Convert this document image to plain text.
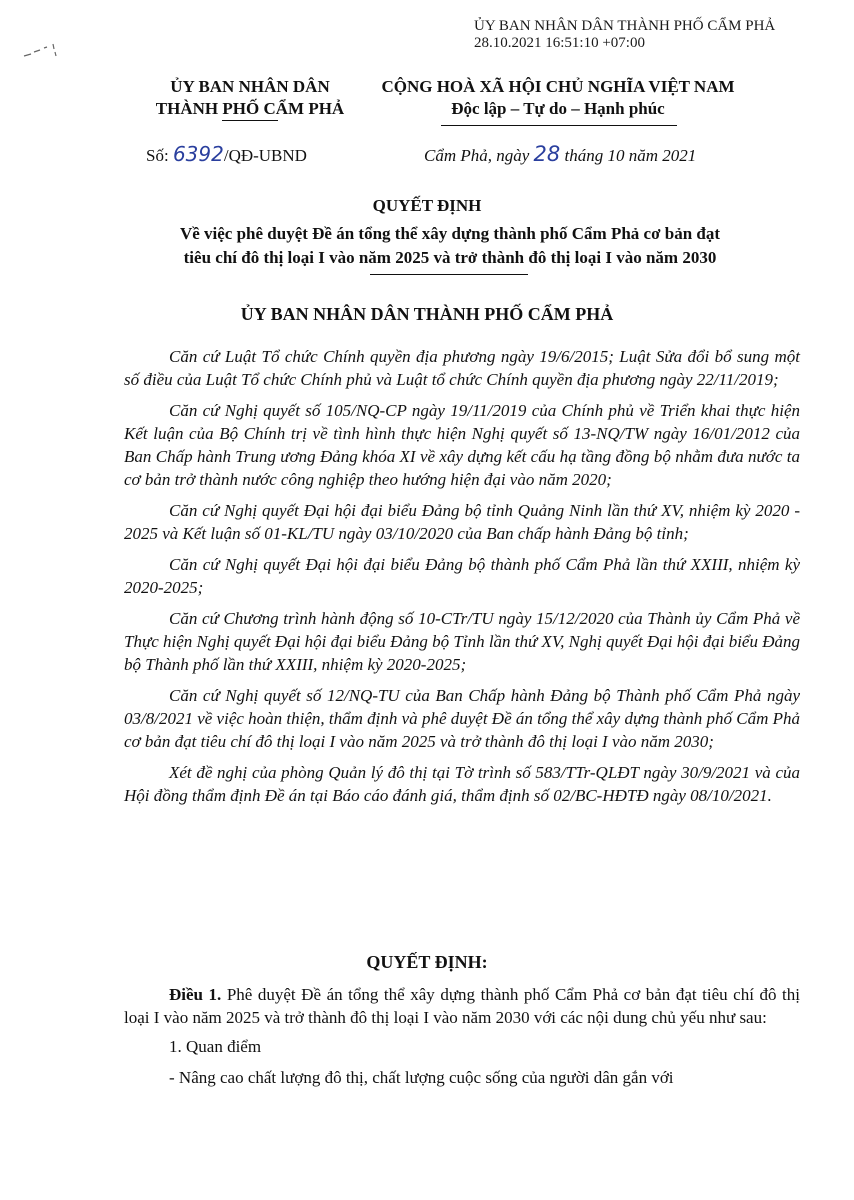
ỦY BAN NHÂN DÂN THÀNH PHỐ CẨM PHẢ
28.10.2021 16:51:10 +07:00
ỦY BAN NHÂN DÂN
THÀNH PHỐ CẨM PHẢ
CỘNG HOÀ XÃ HỘI CHỦ NGHĨA VIỆT NAM
Độc lập – Tự do – Hạnh phúc
Số: 6392/QĐ-UBND	Cẩm Phả, ngày 28 tháng 10 năm 2021
QUYẾT ĐỊNH
Về việc phê duyệt Đề án tổng thể xây dựng thành phố Cẩm Phả cơ bản đạt
tiêu chí đô thị loại I vào năm 2025 và trở thành đô thị loại I vào năm 2030
ỦY BAN NHÂN DÂN THÀNH PHỐ CẨM PHẢ

Căn cứ Luật Tổ chức Chính quyền địa phương ngày 19/6/2015; Luật Sửa đổi bổ sung một số điều của Luật Tổ chức Chính phủ và Luật tổ chức Chính quyền địa phương ngày 22/11/2019;

Căn cứ Nghị quyết số 105/NQ-CP ngày 19/11/2019 của Chính phủ về Triển khai thực hiện Kết luận của Bộ Chính trị về tình hình thực hiện Nghị quyết số 13-NQ/TW ngày 16/01/2012 của Ban Chấp hành Trung ương Đảng khóa XI về xây dựng kết cấu hạ tầng đồng bộ nhằm đưa nước ta cơ bản trở thành nước công nghiệp theo hướng hiện đại vào năm 2020;

Căn cứ Nghị quyết Đại hội đại biểu Đảng bộ tỉnh Quảng Ninh lần thứ XV, nhiệm kỳ 2020 - 2025 và Kết luận số 01-KL/TU ngày 03/10/2020 của Ban chấp hành Đảng bộ tỉnh;

Căn cứ Nghị quyết Đại hội đại biểu Đảng bộ thành phố Cẩm Phả lần thứ XXIII, nhiệm kỳ 2020-2025;

Căn cứ Chương trình hành động số 10-CTr/TU ngày 15/12/2020 của Thành ủy Cẩm Phả về Thực hiện Nghị quyết Đại hội đại biểu Đảng bộ Tỉnh lần thứ XV, Nghị quyết Đại hội đại biểu Đảng bộ Thành phố lần thứ XXIII, nhiệm kỳ 2020-2025;

Căn cứ Nghị quyết số 12/NQ-TU của Ban Chấp hành Đảng bộ Thành phố Cẩm Phả ngày 03/8/2021 về việc hoàn thiện, thẩm định và phê duyệt Đề án tổng thể xây dựng thành phố Cẩm Phả cơ bản đạt tiêu chí đô thị loại I vào năm 2025 và trở thành đô thị loại I vào năm 2030;

Xét đề nghị của phòng Quản lý đô thị tại Tờ trình số 583/TTr-QLĐT ngày 30/9/2021 và của Hội đồng thẩm định Đề án tại Báo cáo đánh giá, thẩm định số 02/BC-HĐTĐ ngày 08/10/2021.

QUYẾT ĐỊNH:

Điều 1. Phê duyệt Đề án tổng thể xây dựng thành phố Cẩm Phả cơ bản đạt tiêu chí đô thị loại I vào năm 2025 và trở thành đô thị loại I vào năm 2030 với các nội dung chủ yếu như sau:

1. Quan điểm

- Nâng cao chất lượng đô thị, chất lượng cuộc sống của người dân gắn với
